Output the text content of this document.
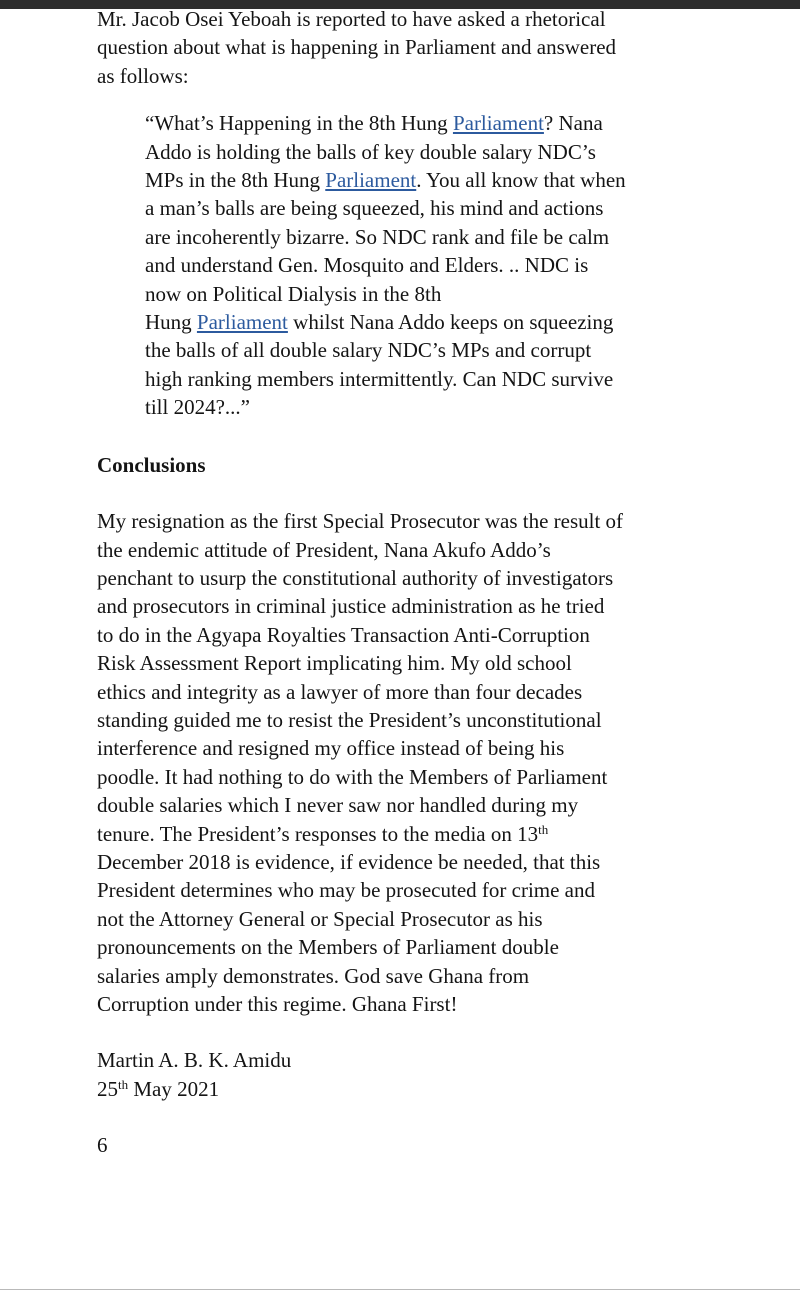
Mr. Jacob Osei Yeboah is reported to have asked a rhetorical
question about what is happening in Parliament and answered
as follows:
“What’s Happening in the 8th Hung Parliament? Nana
Addo is holding the balls of key double salary NDC’s
MPs in the 8th Hung Parliament. You all know that when
a man’s balls are being squeezed, his mind and actions
are incoherently bizarre. So NDC rank and file be calm
and understand Gen. Mosquito and Elders. .. NDC is
now on Political Dialysis in the 8th
Hung Parliament whilst Nana Addo keeps on squeezing
the balls of all double salary NDC’s MPs and corrupt
high ranking members intermittently. Can NDC survive
till 2024?...”
Conclusions
My resignation as the first Special Prosecutor was the result of
the endemic attitude of President, Nana Akufo Addo’s
penchant to usurp the constitutional authority of investigators
and prosecutors in criminal justice administration as he tried
to do in the Agyapa Royalties Transaction Anti-Corruption
Risk Assessment Report implicating him. My old school
ethics and integrity as a lawyer of more than four decades
standing guided me to resist the President’s unconstitutional
interference and resigned my office instead of being his
poodle. It had nothing to do with the Members of Parliament
double salaries which I never saw nor handled during my
tenure. The President’s responses to the media on 13th
December 2018 is evidence, if evidence be needed, that this
President determines who may be prosecuted for crime and
not the Attorney General or Special Prosecutor as his
pronouncements on the Members of Parliament double
salaries amply demonstrates. God save Ghana from
Corruption under this regime. Ghana First!
Martin A. B. K. Amidu
25th May 2021
6
